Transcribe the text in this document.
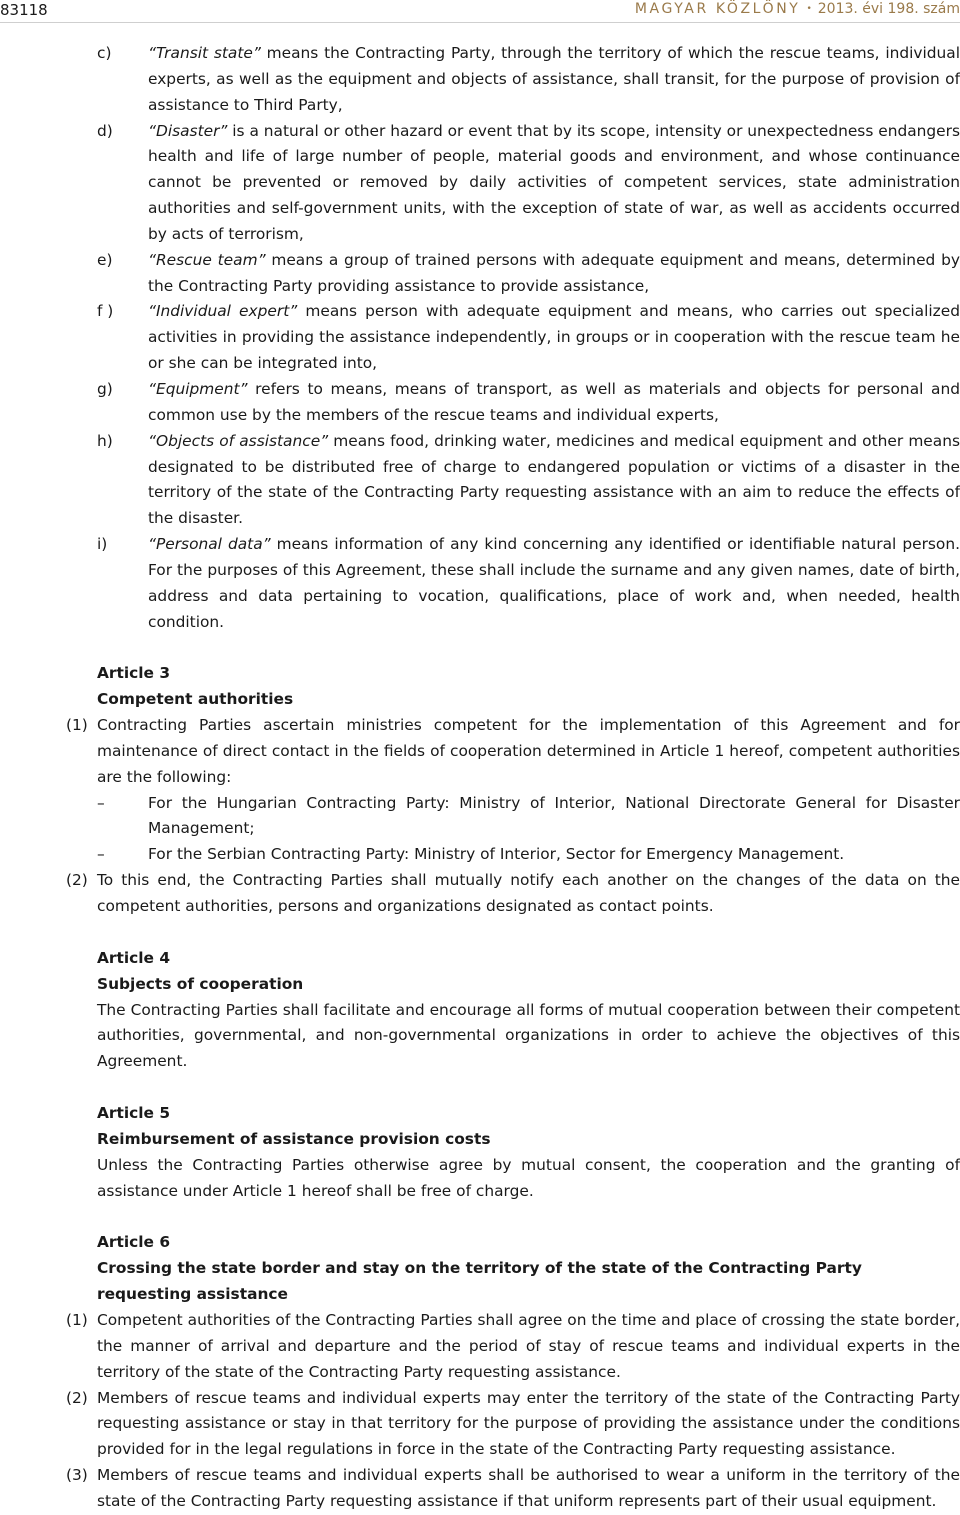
83118	MAGYAR KÖZLÖNY • 2013. évi 198. szám
c) “Transit state” means the Contracting Party, through the territory of which the rescue teams, individual experts, as well as the equipment and objects of assistance, shall transit, for the purpose of provision of assistance to Third Party,
d) “Disaster” is a natural or other hazard or event that by its scope, intensity or unexpectedness endangers health and life of large number of people, material goods and environment, and whose continuance cannot be prevented or removed by daily activities of competent services, state administration authorities and self-government units, with the exception of state of war, as well as accidents occurred by acts of terrorism,
e) “Rescue team” means a group of trained persons with adequate equipment and means, determined by the Contracting Party providing assistance to provide assistance,
f ) “Individual expert” means person with adequate equipment and means, who carries out specialized activities in providing the assistance independently, in groups or in cooperation with the rescue team he or she can be integrated into,
g) “Equipment” refers to means, means of transport, as well as materials and objects for personal and common use by the members of the rescue teams and individual experts,
h) “Objects of assistance” means food, drinking water, medicines and medical equipment and other means designated to be distributed free of charge to endangered population or victims of a disaster in the territory of the state of the Contracting Party requesting assistance with an aim to reduce the effects of the disaster.
i)	“Personal data” means information of any kind concerning any identified or identifiable natural person. For the purposes of this Agreement, these shall include the surname and any given names, date of birth, address and data pertaining to vocation, qualifications, place of work and, when needed, health condition.
Article 3
Competent authorities
(1) Contracting Parties ascertain ministries competent for the implementation of this Agreement and for maintenance of direct contact in the fields of cooperation determined in Article 1 hereof, competent authorities are the following:
–	For the Hungarian Contracting Party: Ministry of Interior, National Directorate General for Disaster Management;
–	For the Serbian Contracting Party: Ministry of Interior, Sector for Emergency Management.
(2) To this end, the Contracting Parties shall mutually notify each another on the changes of the data on the competent authorities, persons and organizations designated as contact points.
Article 4
Subjects of cooperation
The Contracting Parties shall facilitate and encourage all forms of mutual cooperation between their competent authorities, governmental, and non-governmental organizations in order to achieve the objectives of this Agreement.
Article 5
Reimbursement of assistance provision costs
Unless the Contracting Parties otherwise agree by mutual consent, the cooperation and the granting of assistance under Article 1 hereof shall be free of charge.
Article 6
Crossing the state border and stay on the territory of the state of the Contracting Party requesting assistance
(1) Competent authorities of the Contracting Parties shall agree on the time and place of crossing the state border, the manner of arrival and departure and the period of stay of rescue teams and individual experts in the territory of the state of the Contracting Party requesting assistance.
(2) Members of rescue teams and individual experts may enter the territory of the state of the Contracting Party requesting assistance or stay in that territory for the purpose of providing the assistance under the conditions provided for in the legal regulations in force in the state of the Contracting Party requesting assistance.
(3) Members of rescue teams and individual experts shall be authorised to wear a uniform in the territory of the state of the Contracting Party requesting assistance if that uniform represents part of their usual equipment.
